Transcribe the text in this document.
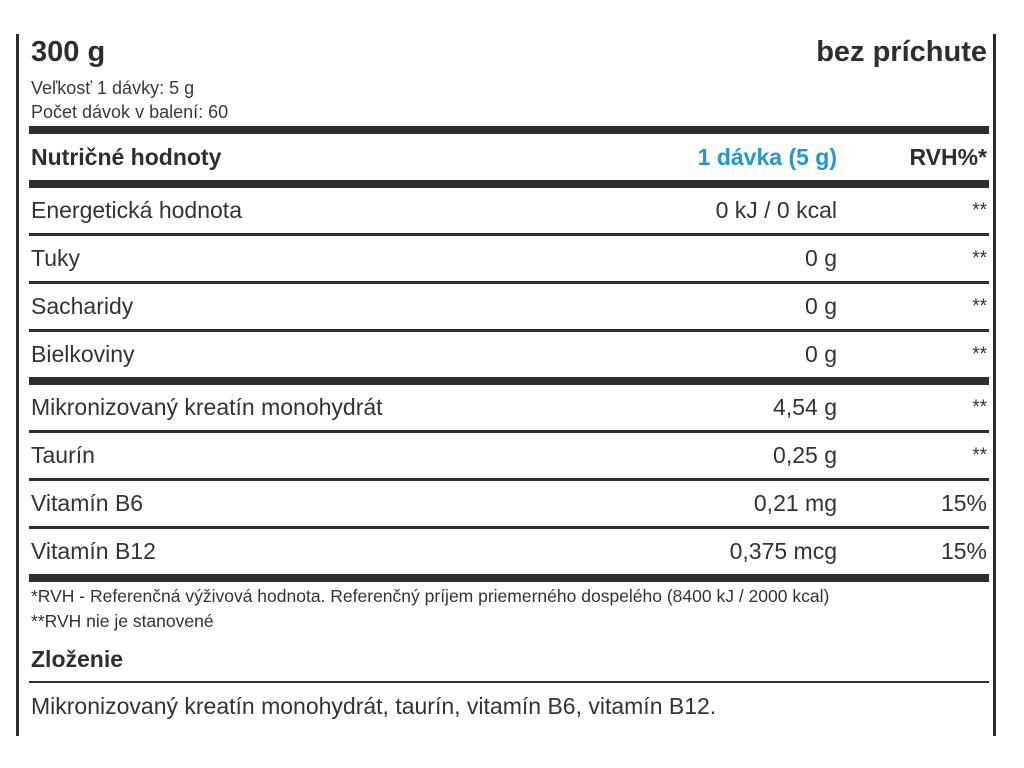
300 g	bez príchute
Veľkosť 1 dávky: 5 g
Počet dávok v balení: 60
Nutričné hodnoty	1 dávka (5 g)	RVH%*
Energetická hodnota	0 kJ / 0 kcal	**
Tuky	0 g	**
Sacharidy	0 g	**
Bielkoviny	0 g	**
Mikronizovaný kreatín monohydrát	4,54 g	**
Taurín	0,25 g	**
Vitamín B6	0,21 mg	15%
Vitamín B12	0,375 mcg	15%
*RVH - Referenčná výživová hodnota. Referenčný príjem priemerného dospelého (8400 kJ / 2000 kcal)
**RVH nie je stanovené
Zloženie
Mikronizovaný kreatín monohydrát, taurín, vitamín B6, vitamín B12.
